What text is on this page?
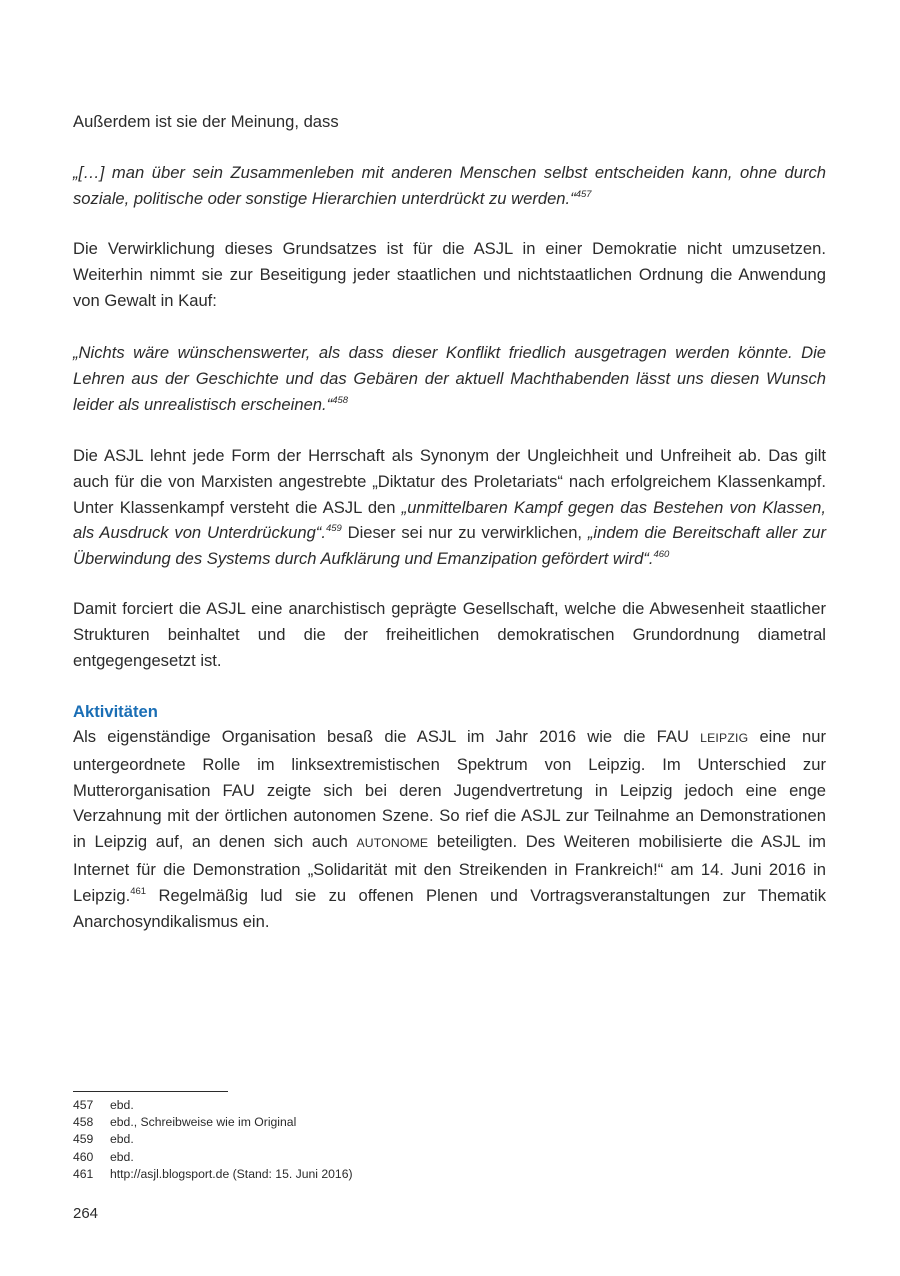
Außerdem ist sie der Meinung, dass

„[…] man über sein Zusammenleben mit anderen Menschen selbst entscheiden kann, ohne durch soziale, politische oder sonstige Hierarchien unterdrückt zu werden.“$^{457}$

Die Verwirklichung dieses Grundsatzes ist für die ASJL in einer Demokratie nicht umzusetzen. Weiterhin nimmt sie zur Beseitigung jeder staatlichen und nichtstaatlichen Ordnung die Anwendung von Gewalt in Kauf:

„Nichts wäre wünschenswerter, als dass dieser Konflikt friedlich ausgetragen werden könnte. Die Lehren aus der Geschichte und das Gebären der aktuell Machthabenden lässt uns diesen Wunsch leider als unrealistisch erscheinen.“$^{458}$

Die ASJL lehnt jede Form der Herrschaft als Synonym der Ungleichheit und Unfreiheit ab. Das gilt auch für die von Marxisten angestrebte „Diktatur des Proletariats“ nach erfolgreichem Klassenkampf. Unter Klassenkampf versteht die ASJL den „unmittelbaren Kampf gegen das Bestehen von Klassen, als Ausdruck von Unterdrückung“.$^{459}$ Dieser sei nur zu verwirklichen, „indem die Bereitschaft aller zur Überwindung des Systems durch Aufklärung und Emanzipation gefördert wird“.$^{460}$

Damit forciert die ASJL eine anarchistisch geprägte Gesellschaft, welche die Abwesenheit staatlicher Strukturen beinhaltet und die der freiheitlichen demokratischen Grundordnung diametral entgegengesetzt ist.

Aktivitäten

Als eigenständige Organisation besaß die ASJL im Jahr 2016 wie die FAU LEIPZIG eine nur untergeordnete Rolle im linksextremistischen Spektrum von Leipzig. Im Unterschied zur Mutterorganisation FAU zeigte sich bei deren Jugendvertretung in Leipzig jedoch eine enge Verzahnung mit der örtlichen autonomen Szene. So rief die ASJL zur Teilnahme an Demonstrationen in Leipzig auf, an denen sich auch AUTONOME beteiligten. Des Weiteren mobilisierte die ASJL im Internet für die Demonstration „Solidarität mit den Streikenden in Frankreich!“ am 14. Juni 2016 in Leipzig.$^{461}$ Regelmäßig lud sie zu offenen Plenen und Vortragsveranstaltungen zur Thematik Anarchosyndikalismus ein.

457	ebd.
458	ebd., Schreibweise wie im Original
459	ebd.
460	ebd.
461	http://asjl.blogsport.de (Stand: 15. Juni 2016)
264
